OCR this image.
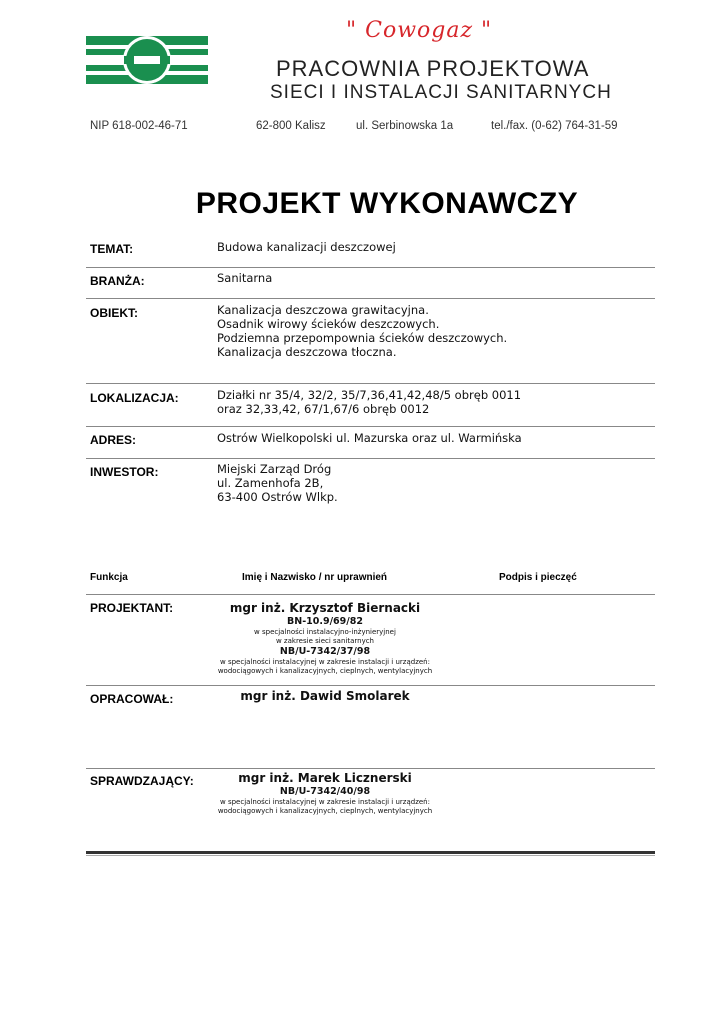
" Cowogaz "
PRACOWNIA PROJEKTOWA
SIECI I INSTALACJI SANITARNYCH
NIP 618-002-46-71	62-800 Kalisz	ul. Serbinowska 1a	tel./fax. (0-62) 764-31-59
PROJEKT WYKONAWCZY
TEMAT:	Budowa kanalizacji deszczowej
BRANŻA:	Sanitarna
OBIEKT:	Kanalizacja deszczowa grawitacyjna.
Osadnik wirowy ścieków deszczowych.
Podziemna przepompownia ścieków deszczowych.
Kanalizacja deszczowa tłoczna.
LOKALIZACJA:	Działki nr 35/4, 32/2, 35/7,36,41,42,48/5 obręb 0011
oraz 32,33,42, 67/1,67/6 obręb 0012
ADRES:	Ostrów Wielkopolski ul. Mazurska oraz ul. Warmińska
INWESTOR:	Miejski Zarząd Dróg
ul. Zamenhofa 2B,
63-400 Ostrów Wlkp.
Funkcja	Imię i Nazwisko / nr uprawnień	Podpis i pieczęć
PROJEKTANT:	mgr inż. Krzysztof Biernacki
BN-10.9/69/82
w specjalności instalacyjno-inżynieryjnej
w zakresie sieci sanitarnych
NB/U-7342/37/98
w specjalności instalacyjnej w zakresie instalacji i urządzeń:
wodociągowych i kanalizacyjnych, cieplnych, wentylacyjnych
OPRACOWAŁ:	mgr inż. Dawid Smolarek
SPRAWDZAJĄCY:	mgr inż. Marek Licznerski
NB/U-7342/40/98
w specjalności instalacyjnej w zakresie instalacji i urządzeń:
wodociągowych i kanalizacyjnych, cieplnych, wentylacyjnych
